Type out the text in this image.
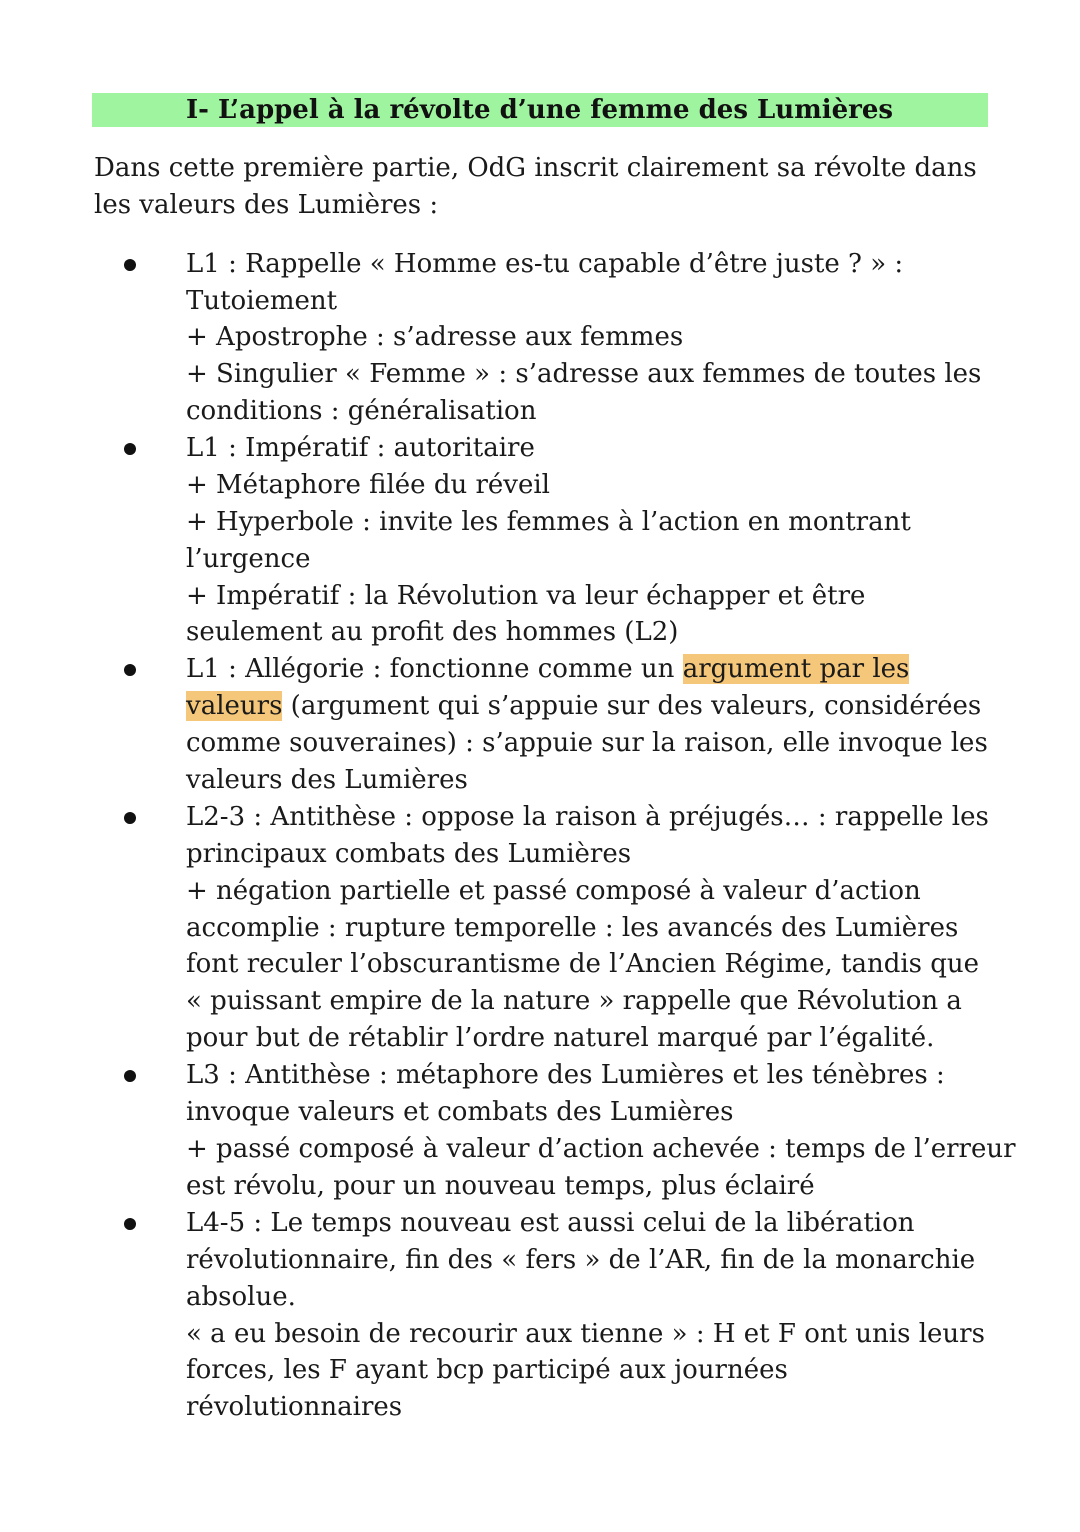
I- L’appel à la révolte d’une femme des Lumières
Dans cette première partie, OdG inscrit clairement sa révolte dans
les valeurs des Lumières :
L1 : Rappelle « Homme es-tu capable d’être juste ? » :
Tutoiement
+ Apostrophe : s’adresse aux femmes
+ Singulier « Femme » : s’adresse aux femmes de toutes les
conditions : généralisation
L1 : Impératif : autoritaire
+ Métaphore filée du réveil
+ Hyperbole : invite les femmes à l’action en montrant
l’urgence
+ Impératif : la Révolution va leur échapper et être
seulement au profit des hommes (L2)
L1 : Allégorie : fonctionne comme un argument par les
valeurs (argument qui s’appuie sur des valeurs, considérées
comme souveraines) : s’appuie sur la raison, elle invoque les
valeurs des Lumières
L2-3 : Antithèse : oppose la raison à préjugés… : rappelle les
principaux combats des Lumières
+ négation partielle et passé composé à valeur d’action
accomplie : rupture temporelle : les avancés des Lumières
font reculer l’obscurantisme de l’Ancien Régime, tandis que
« puissant empire de la nature » rappelle que Révolution a
pour but de rétablir l’ordre naturel marqué par l’égalité.
L3 : Antithèse : métaphore des Lumières et les ténèbres :
invoque valeurs et combats des Lumières
+ passé composé à valeur d’action achevée : temps de l’erreur
est révolu, pour un nouveau temps, plus éclairé
L4-5 : Le temps nouveau est aussi celui de la libération
révolutionnaire, fin des « fers » de l’AR, fin de la monarchie
absolue.
« a eu besoin de recourir aux tienne » : H et F ont unis leurs
forces, les F ayant bcp participé aux journées
révolutionnaires
